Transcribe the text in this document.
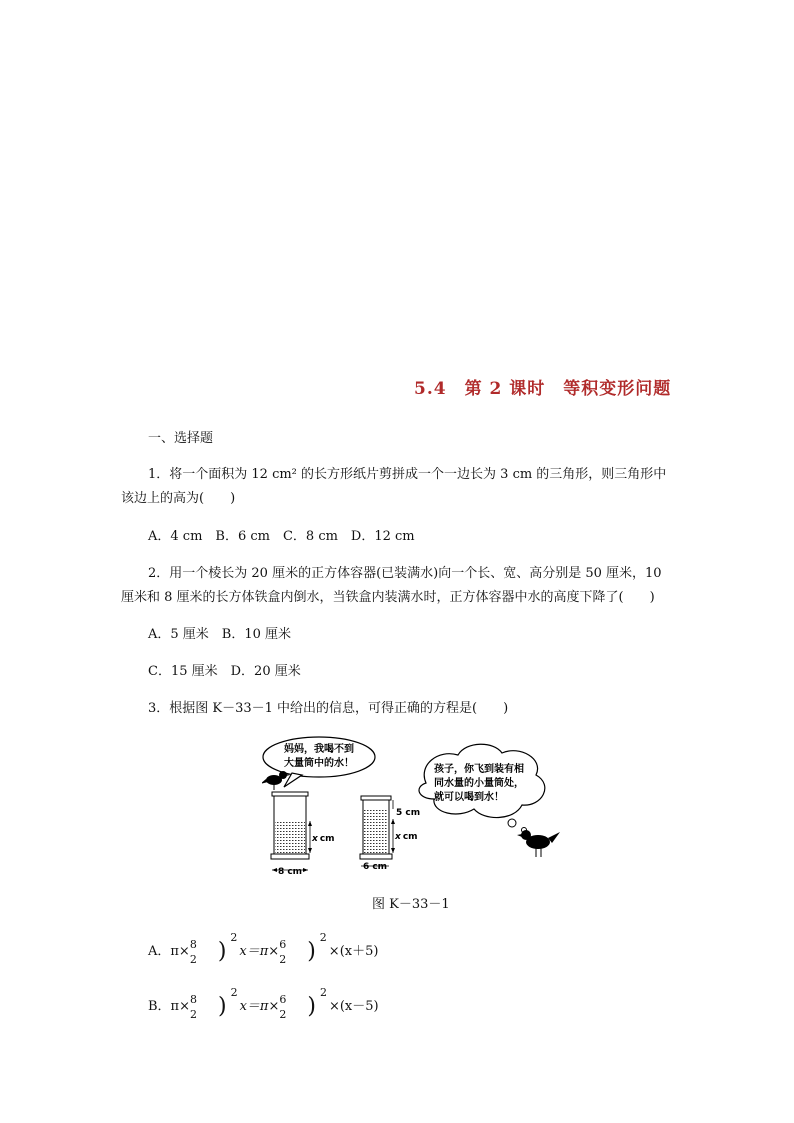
5.4　第 2 课时　等积变形问题
一、选择题
1．将一个面积为 12 cm² 的长方形纸片剪拼成一个一边长为 3 cm 的三角形，则三角形中
该边上的高为(　　)
A．4 cm　B．6 cm　C．8 cm　D．12 cm
2．用一个棱长为 20 厘米的正方体容器(已装满水)向一个长、宽、高分别是 50 厘米，10
厘米和 8 厘米的长方体铁盒内倒水，当铁盒内装满水时，正方体容器中水的高度下降了(　　)
A．5 厘米　B．10 厘米
C．15 厘米　D．20 厘米
3．根据图 K－33－1 中给出的信息，可得正确的方程是(　　)
妈妈，我喝不到
大量筒中的水！
x cm
8 cm
5 cm
x cm
6 cm
孩子，你飞到装有相
同水量的小量筒处，
就可以喝到水！
图 K－33－1
A．π× 8
2 )$^2$x＝π× 6
2 )$^2$×(x＋5)
B．π× 8
2 )$^2$x＝π× 6
2 )$^2$×(x－5)
